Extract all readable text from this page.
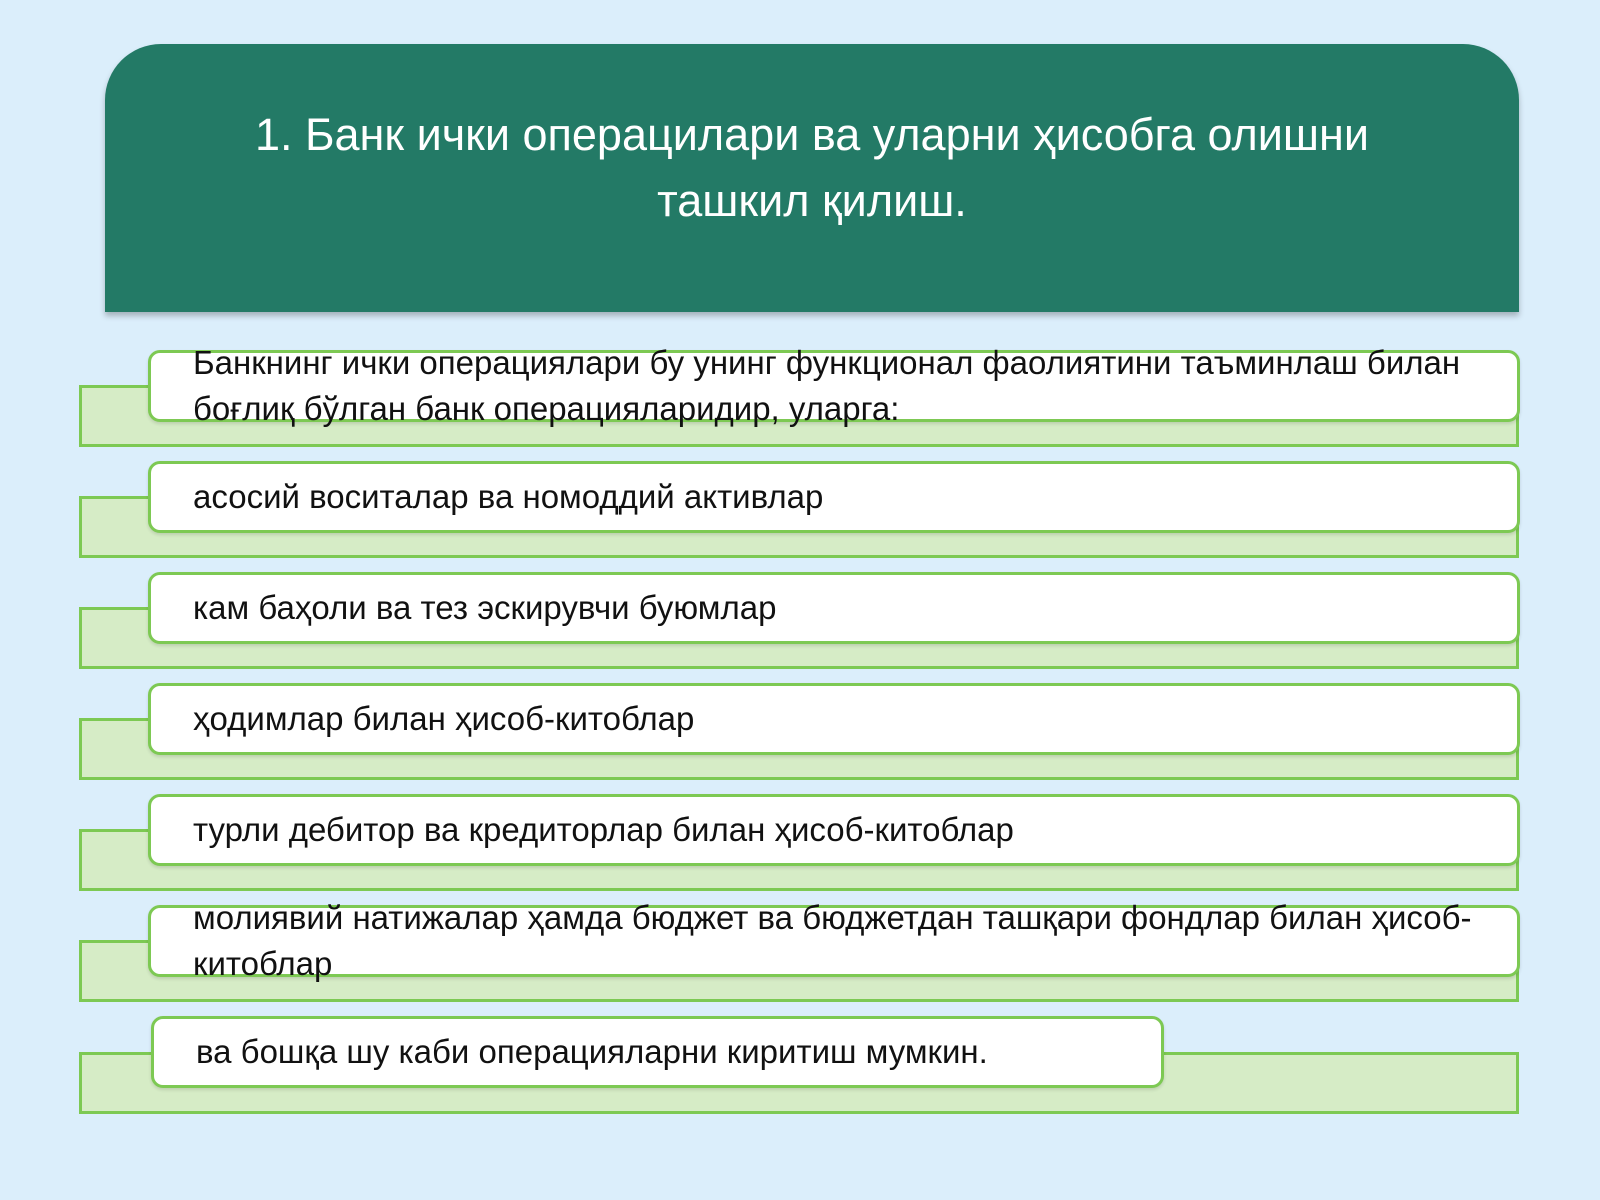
1. Банк ички операцилари ва уларни ҳисобга олишни ташкил қилиш.
Банкнинг ички операциялари бу унинг функционал фаолиятини таъминлаш билан боғлиқ бўлган банк операцияларидир, уларга:
асосий воситалар ва номоддий активлар
кам баҳоли ва тез эскирувчи буюмлар
ҳодимлар билан ҳисоб-китоблар
турли дебитор ва кредиторлар билан ҳисоб-китоблар
молиявий натижалар ҳамда бюджет ва бюджетдан ташқари фондлар билан ҳисоб-китоблар
ва бошқа шу каби операцияларни киритиш мумкин.
